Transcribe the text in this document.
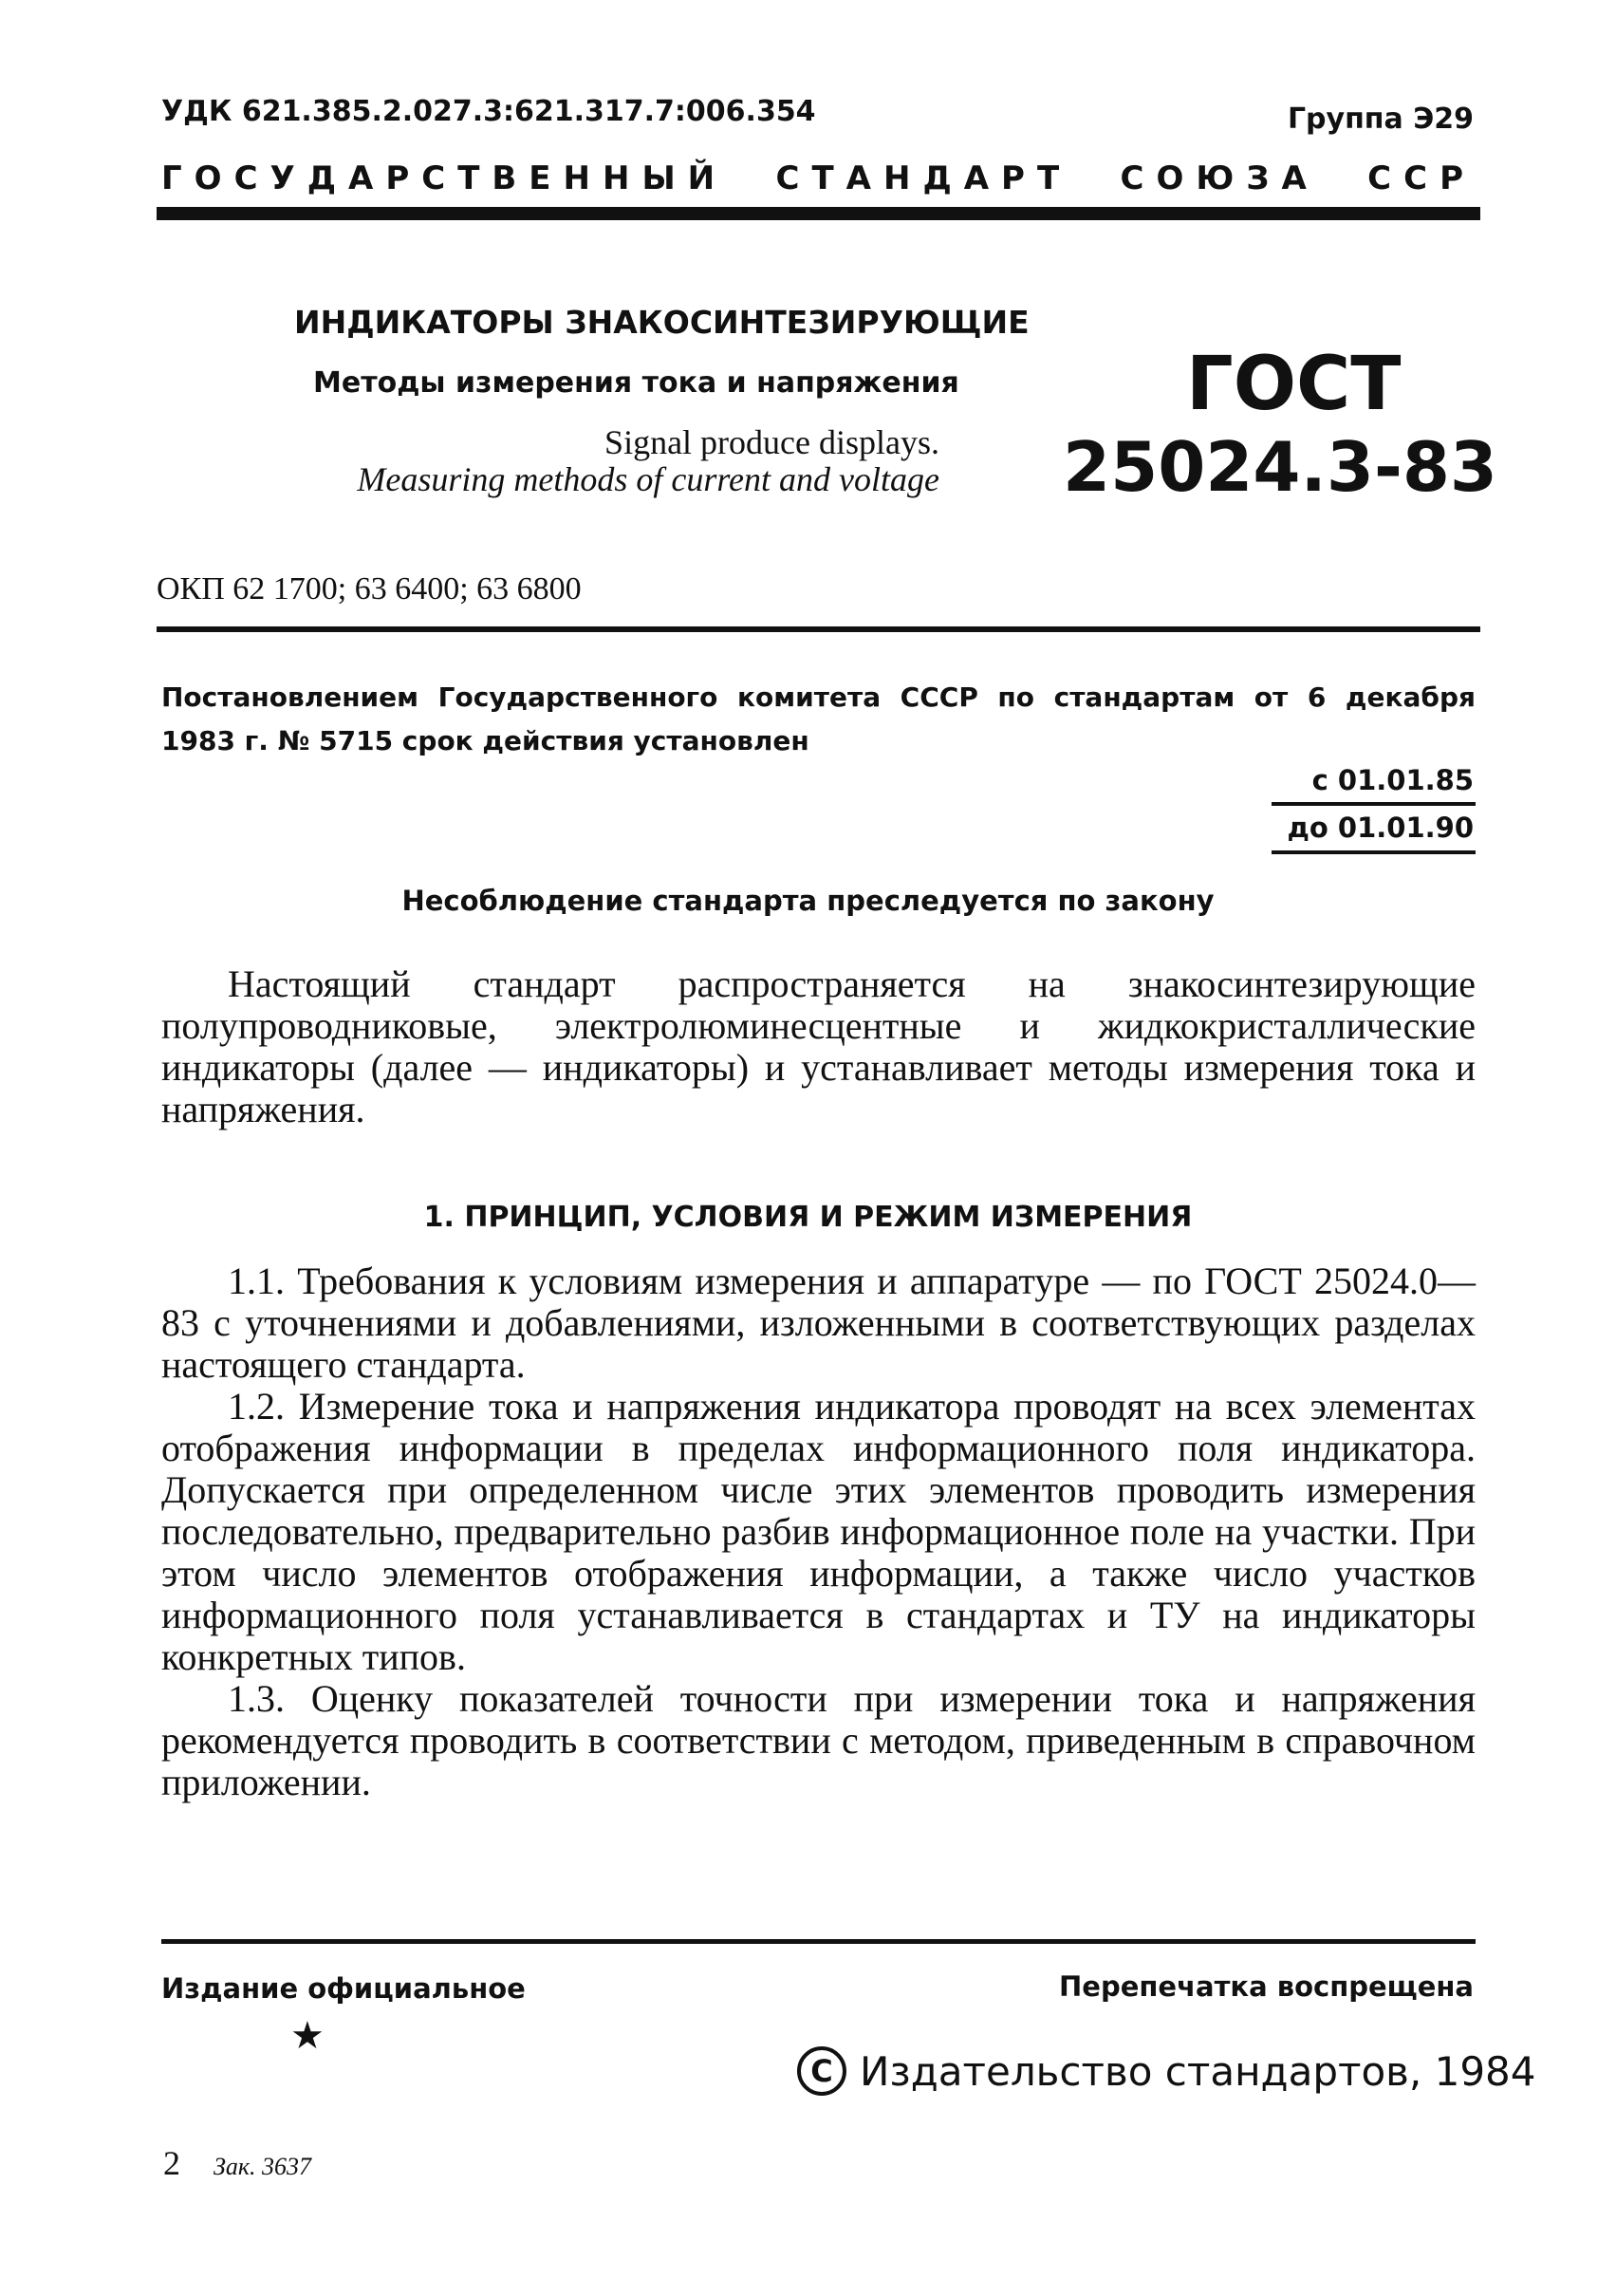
УДК 621.385.2.027.3:621.317.7:006.354	Группа Э29
ГОСУДАРСТВЕННЫЙ СТАНДАРТ СОЮЗА ССР
ИНДИКАТОРЫ ЗНАКОСИНТЕЗИРУЮЩИЕ
Методы измерения тока и напряжения
Signal produce displays.
Measuring methods of current and voltage
ГОСТ
25024.3-83
ОКП 62 1700; 63 6400; 63 6800
Постановлением Государственного комитета СССР по стандартам от 6 декабря 1983 г. № 5715 срок действия установлен
с 01.01.85
до 01.01.90
Несоблюдение стандарта преследуется по закону

Настоящий стандарт распространяется на знакосинтезирующие полупроводниковые, электролюминесцентные и жидкокристаллические индикаторы (далее — индикаторы) и устанавливает методы измерения тока и напряжения.

1. ПРИНЦИП, УСЛОВИЯ И РЕЖИМ ИЗМЕРЕНИЯ

1.1. Требования к условиям измерения и аппаратуре — по ГОСТ 25024.0—83 с уточнениями и добавлениями, изложенными в соответствующих разделах настоящего стандарта.

1.2. Измерение тока и напряжения индикатора проводят на всех элементах отображения информации в пределах информационного поля индикатора. Допускается при определенном числе этих элементов проводить измерения последовательно, предварительно разбив информационное поле на участки. При этом число элементов отображения информации, а также число участков информационного поля устанавливается в стандартах и ТУ на индикаторы конкретных типов.

1.3. Оценку показателей точности при измерении тока и напряжения рекомендуется проводить в соответствии с методом, приведенным в справочном приложении.

Издание официальное	Перепечатка воспрещена
★
C Издательство стандартов, 1984
2 Зак. 3637
